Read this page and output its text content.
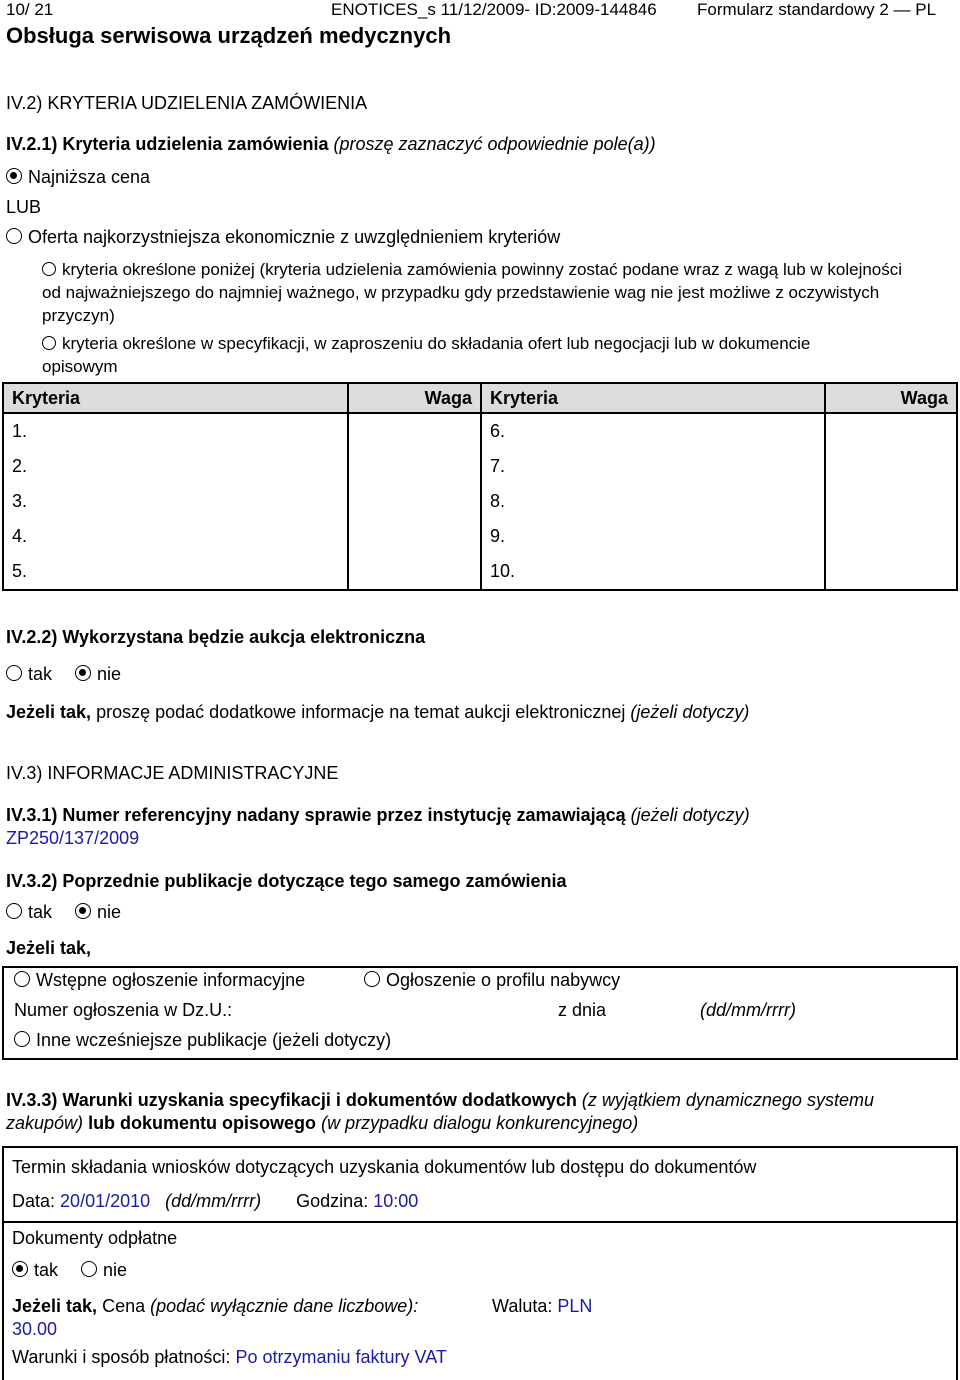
10/ 21	ENOTICES_s 11/12/2009- ID:2009-144846 Formularz standardowy 2 — PL
Obsługa serwisowa urządzeń medycznych
IV.2) KRYTERIA UDZIELENIA ZAMÓWIENIA
IV.2.1) Kryteria udzielenia zamówienia (proszę zaznaczyć odpowiednie pole(a))
Najniższa cena
LUB
Oferta najkorzystniejsza ekonomicznie z uwzględnieniem kryteriów
kryteria określone poniżej (kryteria udzielenia zamówienia powinny zostać podane wraz z wagą lub w kolejności od najważniejszego do najmniej ważnego, w przypadku gdy przedstawienie wag nie jest możliwe z oczywistych przyczyn)
kryteria określone w specyfikacji, w zaproszeniu do składania ofert lub negocjacji lub w dokumencie opisowym
Kryteria	Waga	Kryteria	Waga
1.		6.	
2.		7.	
3.		8.	
4.		9.	
5.		10.	
IV.2.2) Wykorzystana będzie aukcja elektroniczna
tak	nie
Jeżeli tak, proszę podać dodatkowe informacje na temat aukcji elektronicznej (jeżeli dotyczy)
IV.3) INFORMACJE ADMINISTRACYJNE
IV.3.1) Numer referencyjny nadany sprawie przez instytucję zamawiającą (jeżeli dotyczy)
ZP250/137/2009
IV.3.2) Poprzednie publikacje dotyczące tego samego zamówienia
tak	nie
Jeżeli tak,
Wstępne ogłoszenie informacyjne	Ogłoszenie o profilu nabywcy
Numer ogłoszenia w Dz.U.:	z dnia	(dd/mm/rrrr)
Inne wcześniejsze publikacje (jeżeli dotyczy)
IV.3.3) Warunki uzyskania specyfikacji i dokumentów dodatkowych (z wyjątkiem dynamicznego systemu zakupów) lub dokumentu opisowego (w przypadku dialogu konkurencyjnego)
Termin składania wniosków dotyczących uzyskania dokumentów lub dostępu do dokumentów
Data: 20/01/2010 (dd/mm/rrrr) Godzina: 10:00
Dokumenty odpłatne
tak	nie
Jeżeli tak, Cena (podać wyłącznie dane liczbowe):	Waluta: PLN
30.00
Warunki i sposób płatności: Po otrzymaniu faktury VAT
